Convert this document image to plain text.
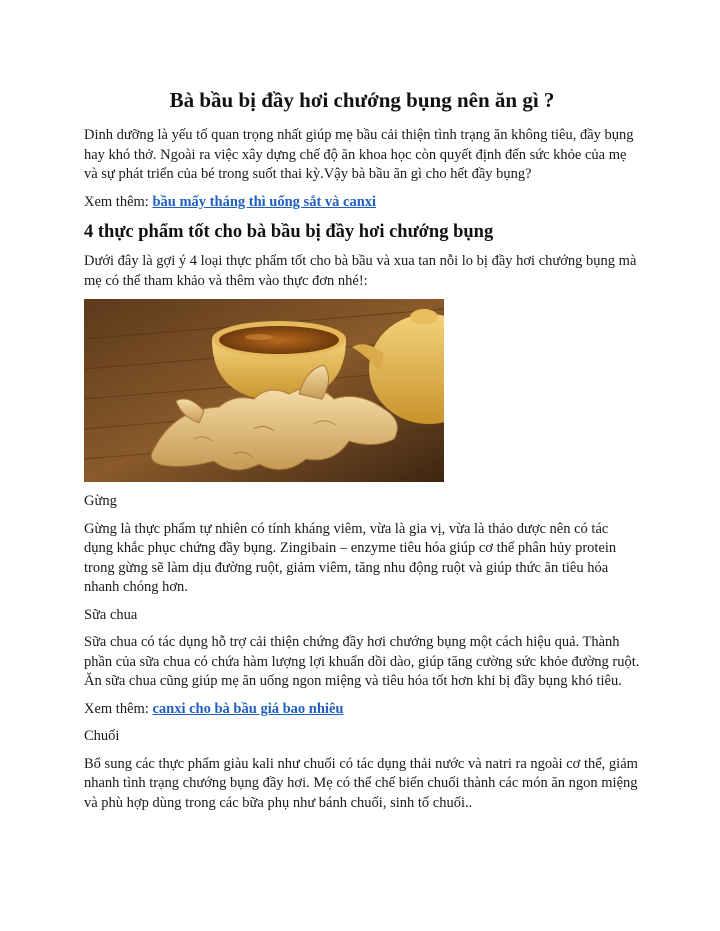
Bà bầu bị đầy hơi chướng bụng nên ăn gì ?

Dinh dưỡng là yếu tố quan trọng nhất giúp mẹ bầu cải thiện tình trạng ăn không tiêu, đầy bụng hay khó thở. Ngoài ra việc xây dựng chế độ ăn khoa học còn quyết định đến sức khỏe của mẹ và sự phát triển của bé trong suốt thai kỳ.Vậy bà bầu ăn gì cho hết đầy bụng?

Xem thêm: bầu mấy tháng thì uống sắt và canxi

4 thực phẩm tốt cho bà bầu bị đầy hơi chướng bụng

Dưới đây là gợi ý 4 loại thực phẩm tốt cho bà bầu và xua tan nỗi lo bị đầy hơi chướng bụng mà mẹ có thể tham khảo và thêm vào thực đơn nhé!:

Gừng

Gừng là thực phẩm tự nhiên có tính kháng viêm, vừa là gia vị, vừa là thảo dược nên có tác dụng khắc phục chứng đầy bụng. Zingibain – enzyme tiêu hóa giúp cơ thể phân hủy protein trong gừng sẽ làm dịu đường ruột, giảm viêm, tăng nhu động ruột và giúp thức ăn tiêu hóa nhanh chóng hơn.

Sữa chua

Sữa chua có tác dụng hỗ trợ cải thiện chứng đầy hơi chướng bụng một cách hiệu quả. Thành phần của sữa chua có chứa hàm lượng lợi khuẩn dồi dào, giúp tăng cường sức khỏe đường ruột. Ăn sữa chua cũng giúp mẹ ăn uống ngon miệng và tiêu hóa tốt hơn khi bị đầy bụng khó tiêu.

Xem thêm: canxi cho bà bầu giá bao nhiêu

Chuối

Bổ sung các thực phẩm giàu kali như chuối có tác dụng thải nước và natri ra ngoài cơ thể, giảm nhanh tình trạng chướng bụng đầy hơi. Mẹ có thể chế biến chuối thành các món ăn ngon miệng và phù hợp dùng trong các bữa phụ như bánh chuối, sinh tố chuối..
